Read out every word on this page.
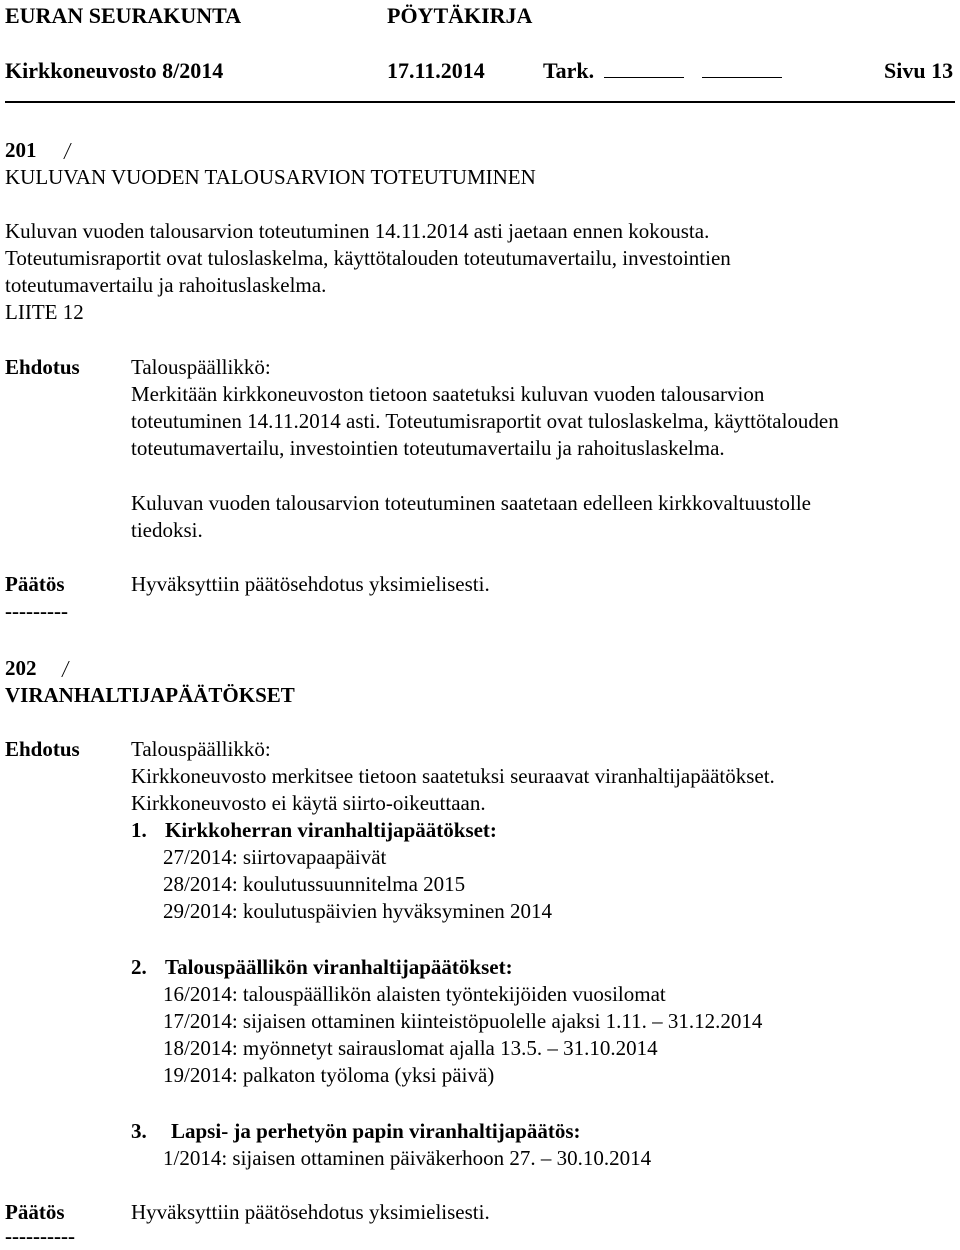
EURAN SEURAKUNTA	PÖYTÄKIRJA
Kirkkoneuvosto 8/2014	17.11.2014	Tark.	Sivu 13
201
KULUVAN VUODEN TALOUSARVION TOTEUTUMINEN
Kuluvan vuoden talousarvion toteutuminen 14.11.2014 asti jaetaan ennen kokousta.
Toteutumisraportit ovat tuloslaskelma, käyttötalouden toteutumavertailu, investointien
toteutumavertailu ja rahoituslaskelma.
LIITE 12
Ehdotus Talouspäällikkö:
Merkitään kirkkoneuvoston tietoon saatetuksi kuluvan vuoden talousarvion
toteutuminen 14.11.2014 asti. Toteutumisraportit ovat tuloslaskelma, käyttötalouden
toteutumavertailu, investointien toteutumavertailu ja rahoituslaskelma.
Kuluvan vuoden talousarvion toteutuminen saatetaan edelleen kirkkovaltuustolle
tiedoksi.
Päätös	Hyväksyttiin päätösehdotus yksimielisesti.
---------
202
VIRANHALTIJAPÄÄTÖKSET
Ehdotus Talouspäällikkö:
Kirkkoneuvosto merkitsee tietoon saatetuksi seuraavat viranhaltijapäätökset.
Kirkkoneuvosto ei käytä siirto-oikeuttaan.
1. Kirkkoherran viranhaltijapäätökset:
27/2014: siirtovapaapäivät
28/2014: koulutussuunnitelma 2015
29/2014: koulutuspäivien hyväksyminen 2014
2. Talouspäällikön viranhaltijapäätökset:
16/2014: talouspäällikön alaisten työntekijöiden vuosilomat
17/2014: sijaisen ottaminen kiinteistöpuolelle ajaksi 1.11. – 31.12.2014
18/2014: myönnetyt sairauslomat ajalla 13.5. – 31.10.2014
19/2014: palkaton työloma (yksi päivä)
3. Lapsi- ja perhetyön papin viranhaltijapäätös:
1/2014: sijaisen ottaminen päiväkerhoon 27. – 30.10.2014
Päätös	Hyväksyttiin päätösehdotus yksimielisesti.
----------
